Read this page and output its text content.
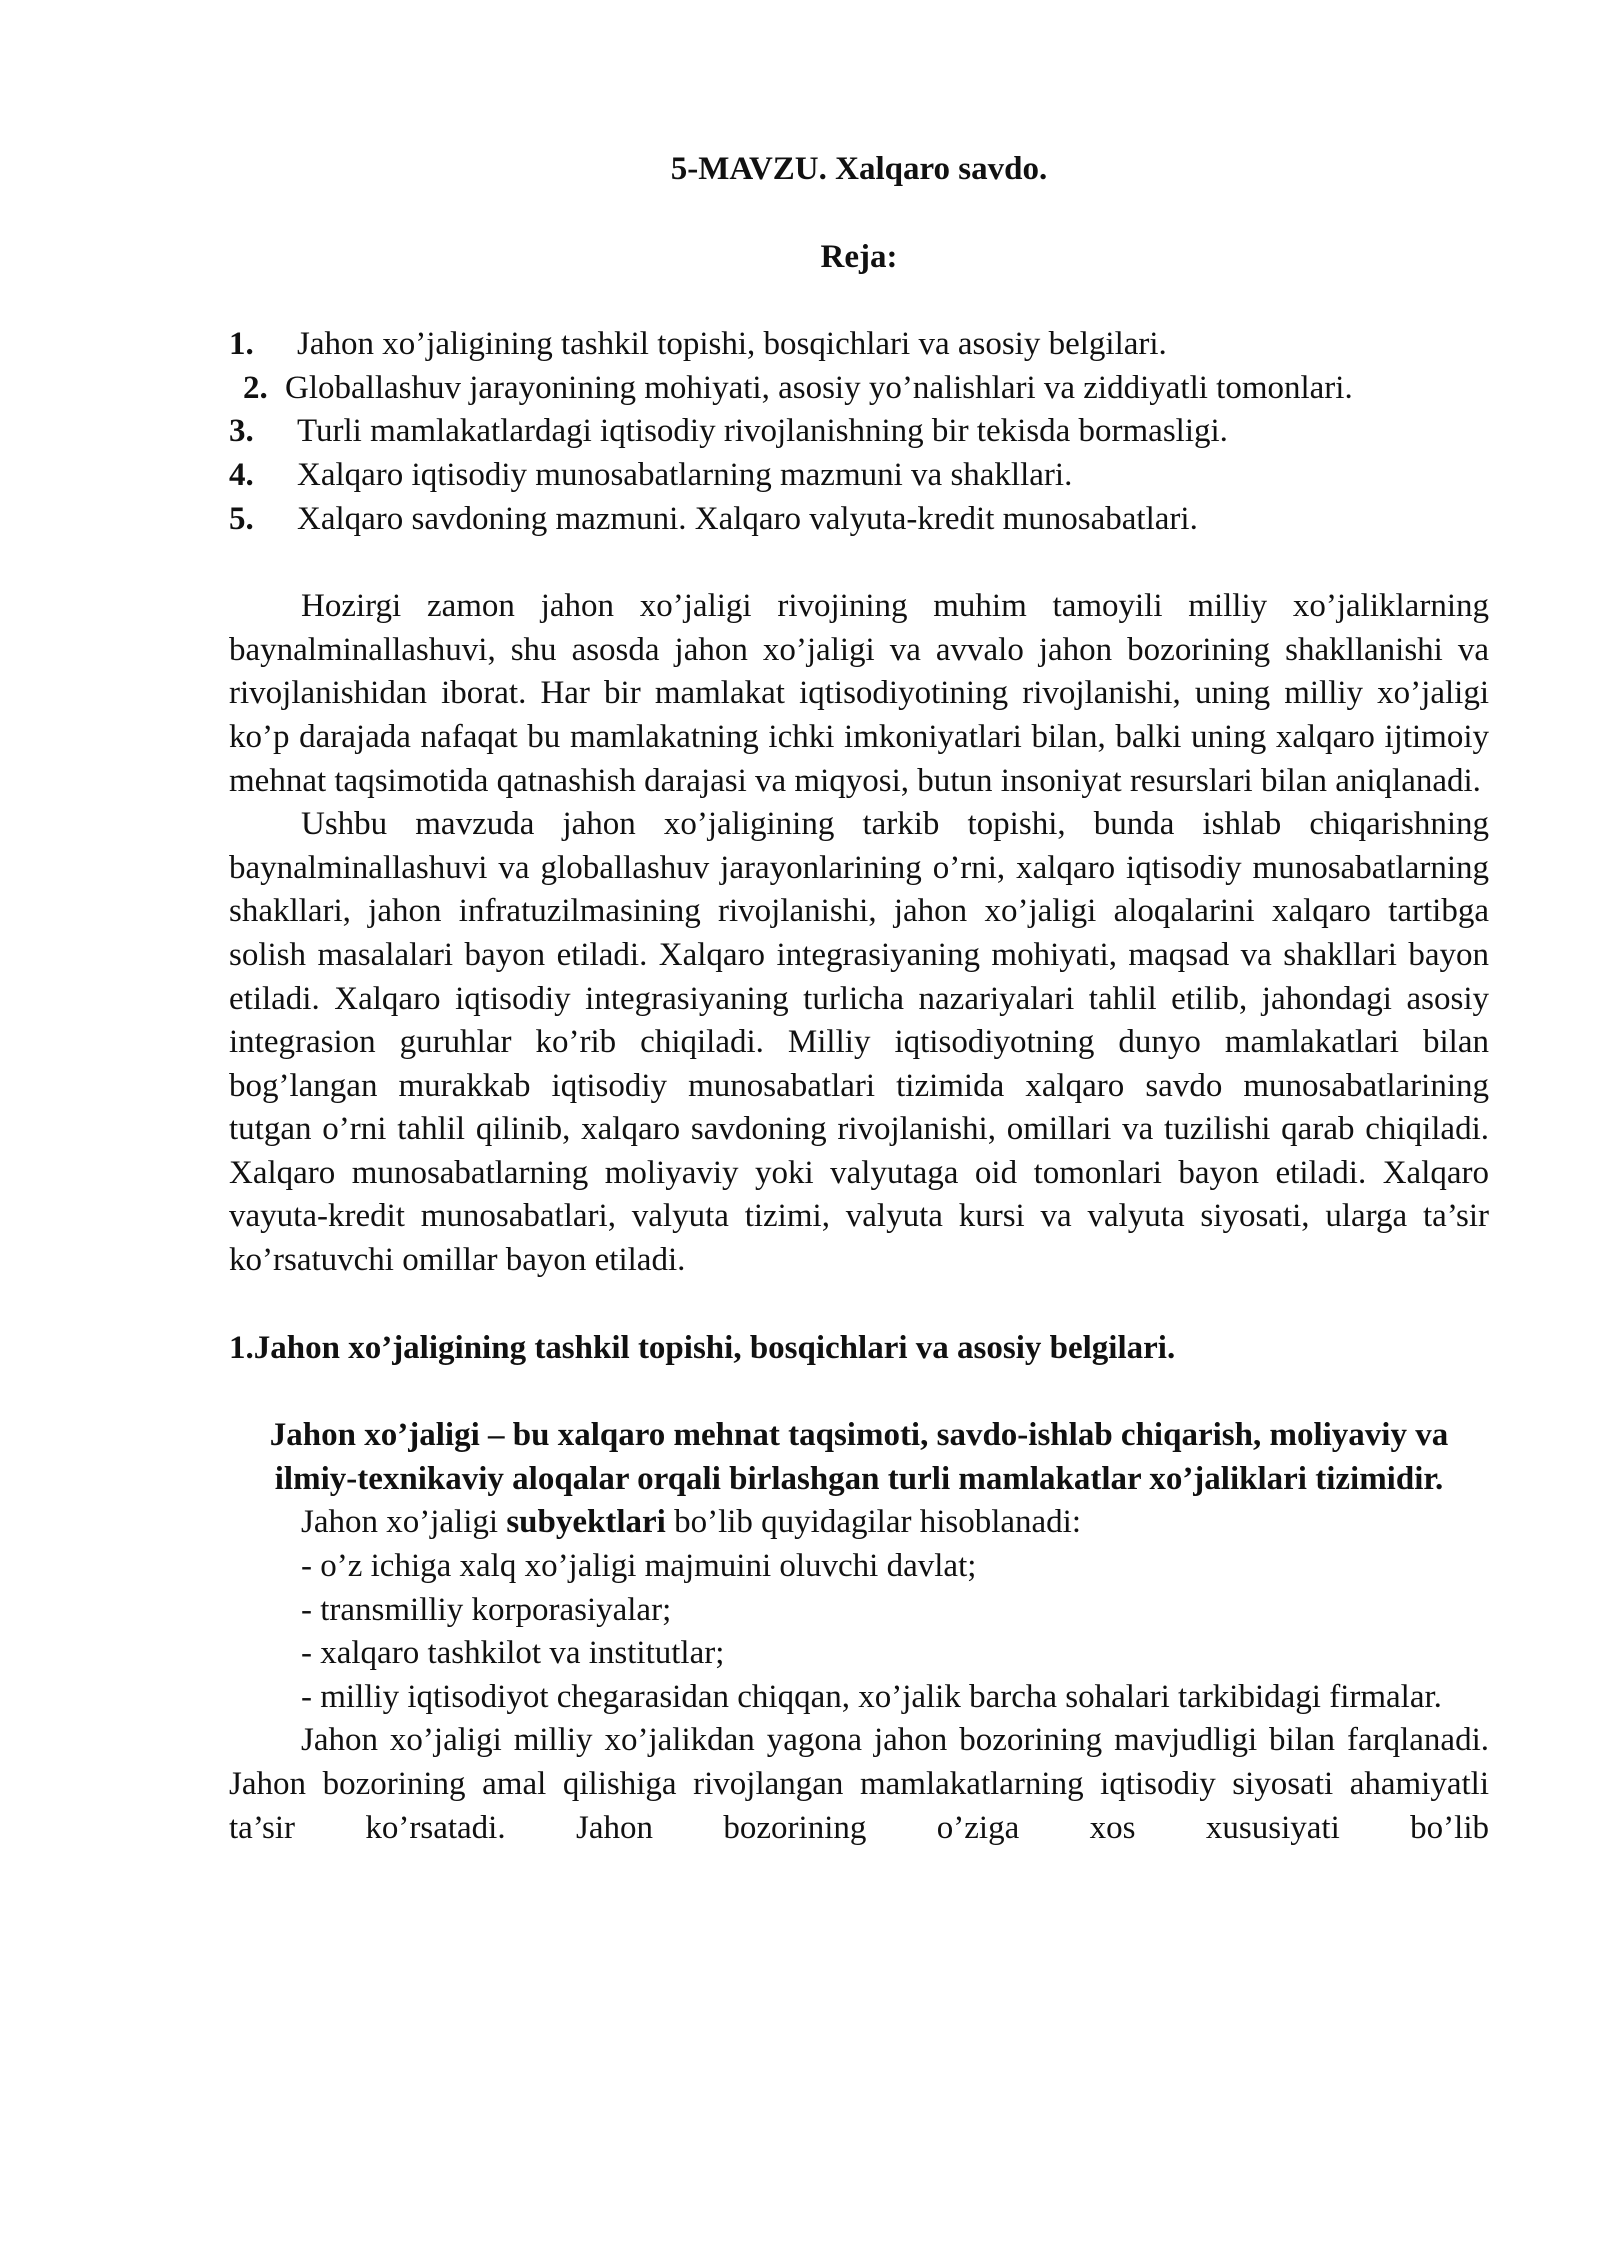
5-MAVZU. Xalqaro savdo.
Reja:
1.	Jahon xo’jaligining tashkil topishi, bosqichlari va asosiy belgilari.
2. Globallashuv jarayonining mohiyati, asosiy yo’nalishlari va ziddiyatli tomonlari.
3.	Turli mamlakatlardagi iqtisodiy rivojlanishning bir tekisda bormasligi.
4.	Xalqaro iqtisodiy munosabatlarning mazmuni va shakllari.
5.	Xalqaro savdoning mazmuni. Xalqaro valyuta-kredit munosabatlari.

Hozirgi zamon jahon xo’jaligi rivojining muhim tamoyili milliy xo’jaliklarning baynalminallashuvi, shu asosda jahon xo’jaligi va avvalo jahon bozorining shakllanishi va rivojlanishidan iborat. Har bir mamlakat iqtisodiyotining rivojlanishi, uning milliy xo’jaligi ko’p darajada nafaqat bu mamlakatning ichki imkoniyatlari bilan, balki uning xalqaro ijtimoiy mehnat taqsimotida qatnashish darajasi va miqyosi, butun insoniyat resurslari bilan aniqlanadi.

Ushbu mavzuda jahon xo’jaligining tarkib topishi, bunda ishlab chiqarishning baynalminallashuvi va globallashuv jarayonlarining o’rni, xalqaro iqtisodiy munosabatlarning shakllari, jahon infratuzilmasining rivojlanishi, jahon xo’jaligi aloqalarini xalqaro tartibga solish masalalari bayon etiladi. Xalqaro integrasiyaning mohiyati, maqsad va shakllari bayon etiladi. Xalqaro iqtisodiy integrasiyaning turlicha nazariyalari tahlil etilib, jahondagi asosiy integrasion guruhlar ko’rib chiqiladi. Milliy iqtisodiyotning dunyo mamlakatlari bilan bog’langan murakkab iqtisodiy munosabatlari tizimida xalqaro savdo munosabatlarining tutgan o’rni tahlil qilinib, xalqaro savdoning rivojlanishi, omillari va tuzilishi qarab chiqiladi. Xalqaro munosabatlarning moliyaviy yoki valyutaga oid tomonlari bayon etiladi. Xalqaro vayuta-kredit munosabatlari, valyuta tizimi, valyuta kursi va valyuta siyosati, ularga ta’sir ko’rsatuvchi omillar bayon etiladi.

1.Jahon xo’jaligining tashkil topishi, bosqichlari va asosiy belgilari.

Jahon xo’jaligi – bu xalqaro mehnat taqsimoti, savdo-ishlab chiqarish, moliyaviy va ilmiy-texnikaviy aloqalar orqali birlashgan turli mamlakatlar xo’jaliklari tizimidir.

Jahon xo’jaligi subyektlari bo’lib quyidagilar hisoblanadi:

- o’z ichiga xalq xo’jaligi majmuini oluvchi davlat;

- transmilliy korporasiyalar;

- xalqaro tashkilot va institutlar;

- milliy iqtisodiyot chegarasidan chiqqan, xo’jalik barcha sohalari tarkibidagi firmalar.

Jahon xo’jaligi milliy xo’jalikdan yagona jahon bozorining mavjudligi bilan farqlanadi. Jahon bozorining amal qilishiga rivojlangan mamlakatlarning iqtisodiy siyosati ahamiyatli ta’sir ko’rsatadi. Jahon bozorining o’ziga xos xususiyati bo’lib
